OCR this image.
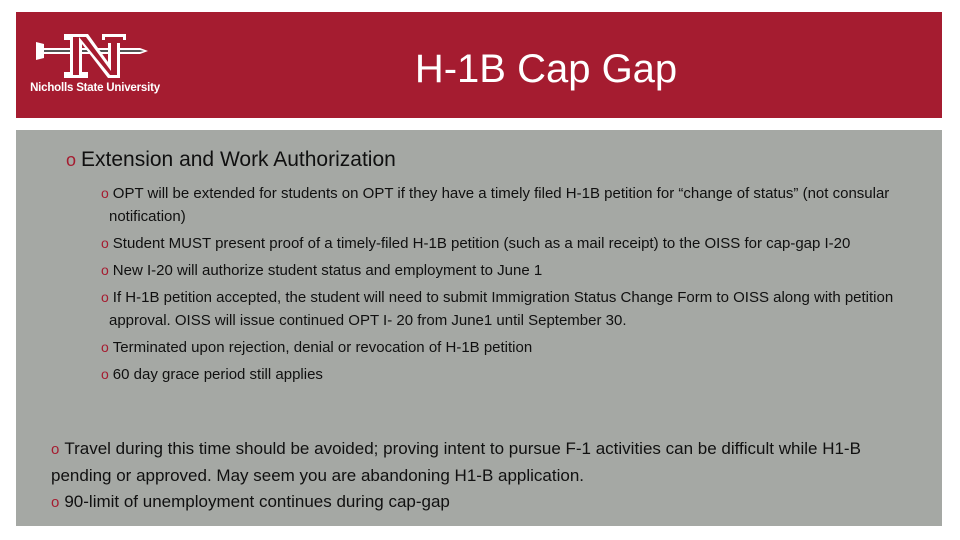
Nicholls State University	H-1B Cap Gap
o Extension and Work Authorization

o OPT will be extended for students on OPT if they have a timely filed H-1B petition for “change of status” (not consular notification)

o Student MUST present proof of a timely-filed H-1B petition (such as a mail receipt) to the OISS for cap-gap I-20

o New I-20 will authorize student status and employment to June 1

o If H-1B petition accepted, the student will need to submit Immigration Status Change Form to OISS along with petition approval. OISS will issue continued OPT I- 20 from June1 until September 30.

o Terminated upon rejection, denial or revocation of H-1B petition

o 60 day grace period still applies

o Travel during this time should be avoided; proving intent to pursue F-1 activities can be difficult while H1-B pending or approved. May seem you are abandoning H1-B application.

o 90-limit of unemployment continues during cap-gap
